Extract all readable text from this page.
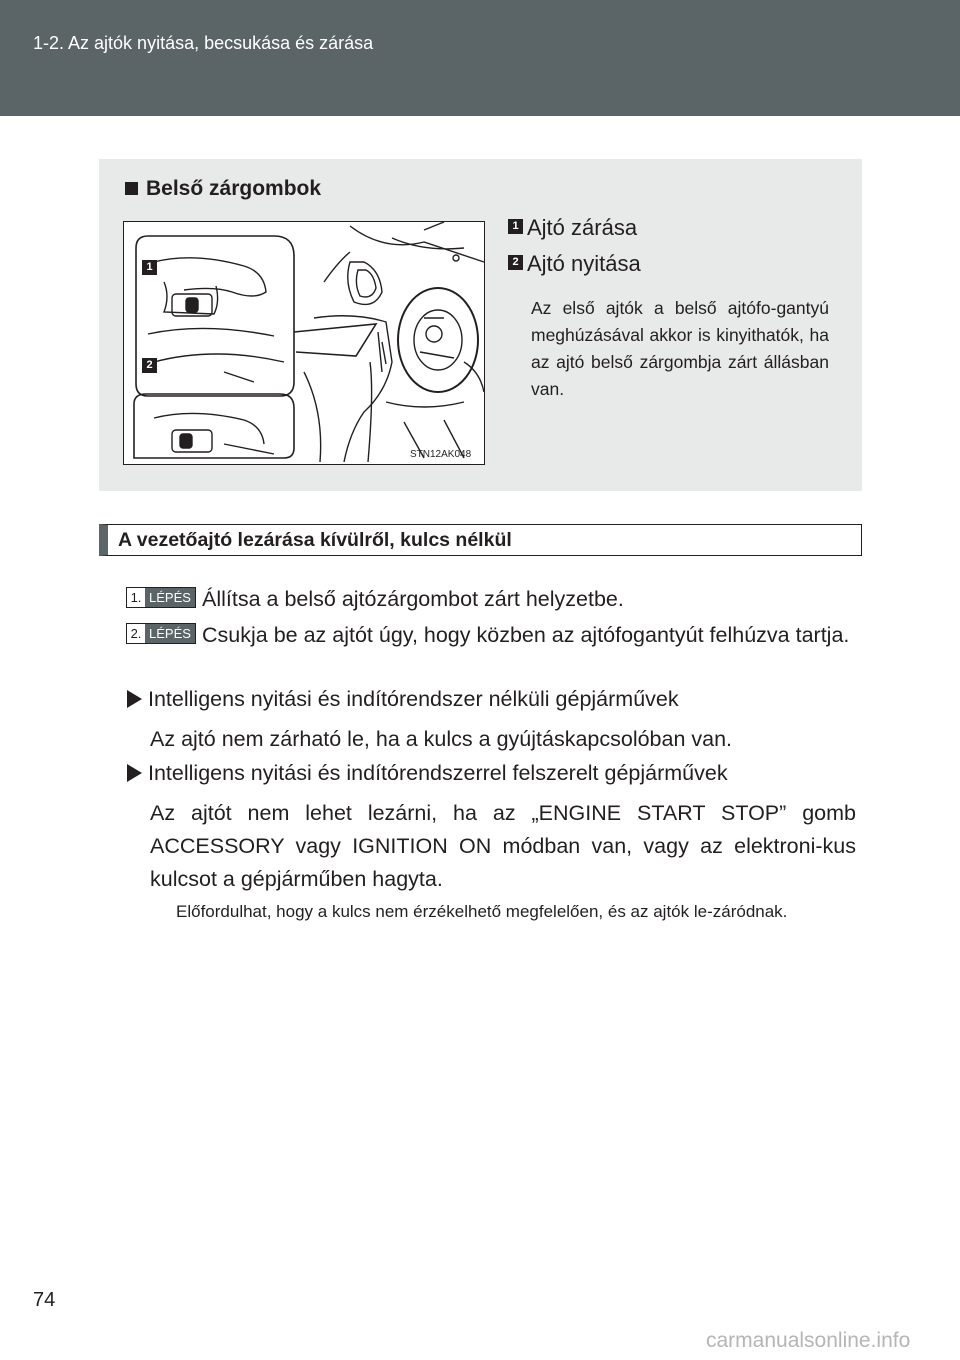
1-2. Az ajtók nyitása, becsukása és zárása
Belső zárgombok
1
2
STN12AK048
1 Ajtó zárása
2 Ajtó nyitása
Az első ajtók a belső ajtófo-gantyú meghúzásával akkor is kinyithatók, ha az ajtó belső zárgombja zárt állásban van.
A vezetőajtó lezárása kívülről, kulcs nélkül
1. LÉPÉS Állítsa a belső ajtózárgombot zárt helyzetbe.
2. LÉPÉS Csukja be az ajtót úgy, hogy közben az ajtófogantyút felhúzva tartja.
Intelligens nyitási és indítórendszer nélküli gépjárművek
Az ajtó nem zárható le, ha a kulcs a gyújtáskapcsolóban van.
Intelligens nyitási és indítórendszerrel felszerelt gépjárművek
Az ajtót nem lehet lezárni, ha az „ENGINE START STOP” gomb ACCESSORY vagy IGNITION ON módban van, vagy az elektroni-kus kulcsot a gépjárműben hagyta.
Előfordulhat, hogy a kulcs nem érzékelhető megfelelően, és az ajtók le-záródnak.
74
carmanualsonline.info
